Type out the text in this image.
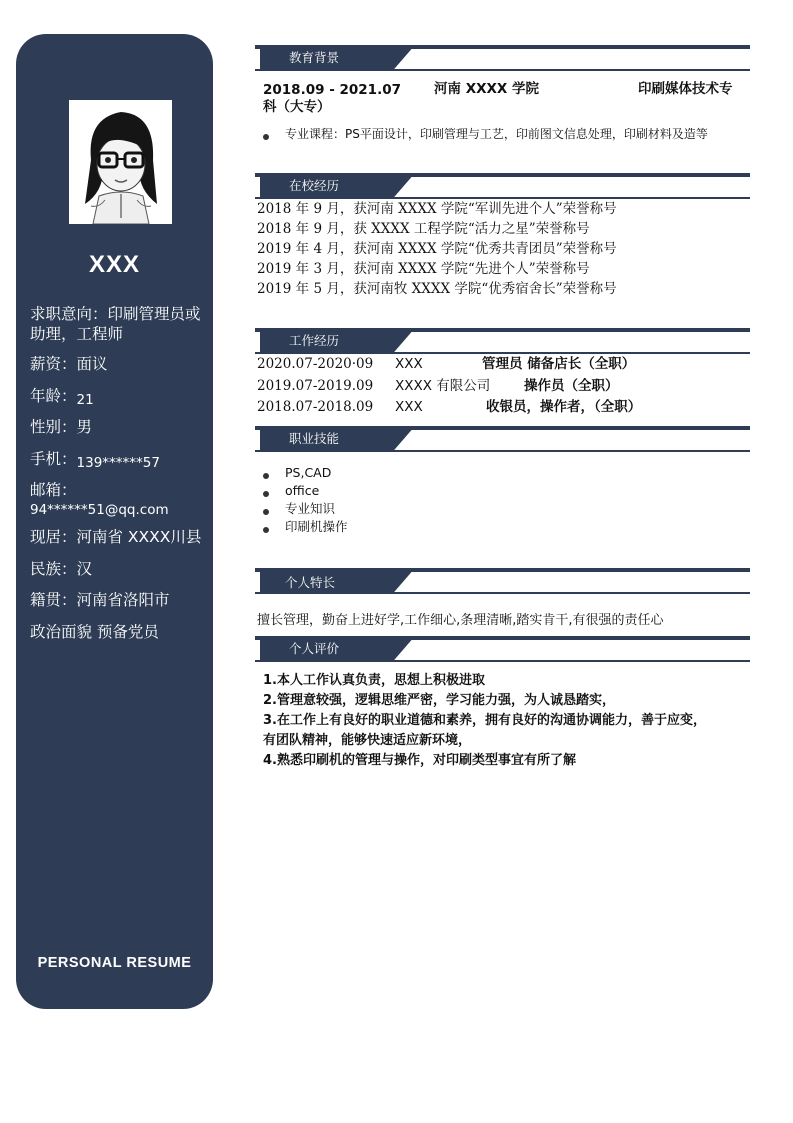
XXX
求职意向：印刷管理员或
助理，工程师
薪资：面议
年龄：21
性别：男
手机：139******57
邮箱：
94******51@qq.com
现居：河南省 XXXX川县
民族：汉
籍贯：河南省洛阳市
政治面貌 预备党员
PERSONAL RESUME
教育背景
2018.09 - 2021.07
科（大专）
河南 XXXX 学院	印刷媒体技术专
专业课程：PS平面设计，印刷管理与工艺，印前图文信息处理，印刷材料及造等
在校经历
2018 年 9 月，获河南 XXXX 学院“军训先进个人”荣誉称号
2018 年 9 月，获 XXXX 工程学院“活力之星”荣誉称号
2019 年 4 月，获河南 XXXX 学院“优秀共青团员”荣誉称号
2019 年 3 月，获河南 XXXX 学院“先进个人”荣誉称号
2019 年 5 月，获河南牧 XXXX 学院“优秀宿舍长”荣誉称号
工作经历
2020.07-2020·09
2019.07-2019.09
2018.07-2018.09
XXX
XXXX 有限公司
XXX
管理员 储备店长（全职）
操作员（全职）
收银员，操作者，（全职）
职业技能
PS,CAD
office
专业知识
印刷机操作
个人特长
擅长管理，勤奋上进好学,工作细心,条理清晰,踏实肯干,有很强的责任心
个人评价
1.本人工作认真负责，思想上积极进取
2.管理意较强，逻辑思维严密，学习能力强，为人诚恳踏实，
3.在工作上有良好的职业道德和素养，拥有良好的沟通协调能力，善于应变，
有团队精神，能够快速适应新环境，
4.熟悉印刷机的管理与操作，对印刷类型事宜有所了解
